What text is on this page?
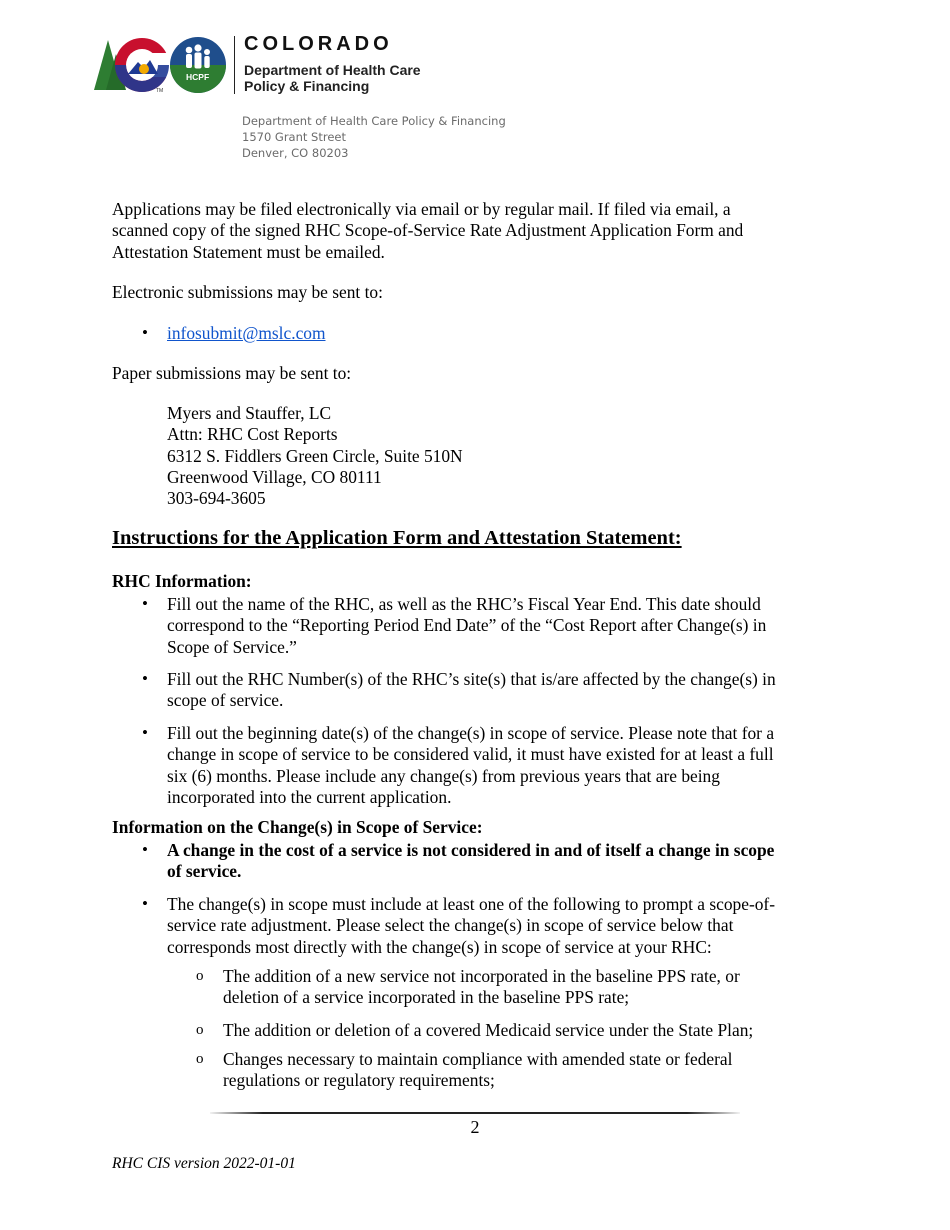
HCPF
TM
COLORADO
Department of Health Care
Policy & Financing
Department of Health Care Policy & Financing
1570 Grant Street
Denver, CO 80203
Applications may be filed electronically via email or by regular mail. If filed via email, a
scanned copy of the signed RHC Scope-of-Service Rate Adjustment Application Form and
Attestation Statement must be emailed.
Electronic submissions may be sent to:
• infosubmit@mslc.com
Paper submissions may be sent to:
Myers and Stauffer, LC
Attn: RHC Cost Reports
6312 S. Fiddlers Green Circle, Suite 510N
Greenwood Village, CO 80111
303-694-3605
Instructions for the Application Form and Attestation Statement:
RHC Information:
• Fill out the name of the RHC, as well as the RHC’s Fiscal Year End. This date should
correspond to the “Reporting Period End Date” of the “Cost Report after Change(s) in
Scope of Service.”
• Fill out the RHC Number(s) of the RHC’s site(s) that is/are affected by the change(s) in
scope of service.
• Fill out the beginning date(s) of the change(s) in scope of service. Please note that for a
change in scope of service to be considered valid, it must have existed for at least a full
six (6) months. Please include any change(s) from previous years that are being
incorporated into the current application.
Information on the Change(s) in Scope of Service:
• A change in the cost of a service is not considered in and of itself a change in scope
of service.
• The change(s) in scope must include at least one of the following to prompt a scope-of-
service rate adjustment. Please select the change(s) in scope of service below that
corresponds most directly with the change(s) in scope of service at your RHC:
o The addition of a new service not incorporated in the baseline PPS rate, or
deletion of a service incorporated in the baseline PPS rate;
o The addition or deletion of a covered Medicaid service under the State Plan;
o Changes necessary to maintain compliance with amended state or federal
regulations or regulatory requirements;
2
RHC CIS version 2022-01-01
